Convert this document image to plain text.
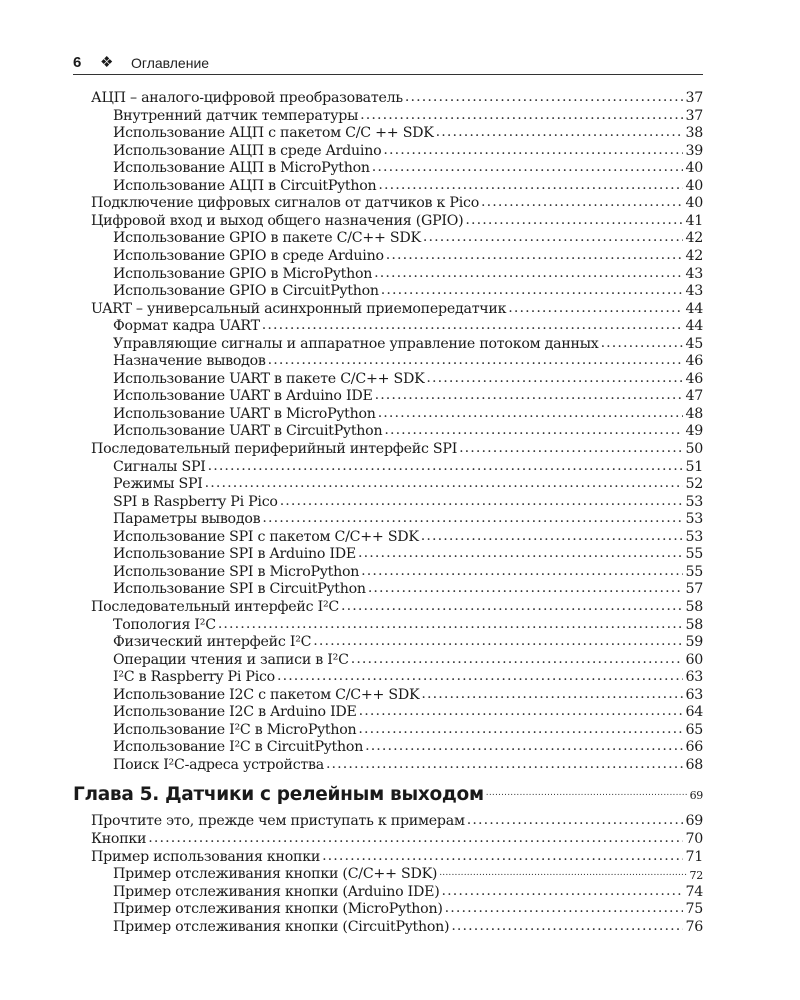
6 ❖ Оглавление
АЦП – аналого-цифровой преобразователь .....	37
Внутренний датчик температуры .....	37
Использование АЦП с пакетом C/C ++ SDK .....	38
Использование АЦП в среде Arduino .....	39
Использование АЦП в MicroPython .....	40
Использование АЦП в CircuitPython .....	40
Подключение цифровых сигналов от датчиков к Pico .....	40
Цифровой вход и выход общего назначения (GPIO) .....	41
Использование GPIO в пакете C/C++ SDK .....	42
Использование GPIO в среде Arduino .....	42
Использование GPIO в MicroPython .....	43
Использование GPIO в CircuitPython .....	43
UART – универсальный асинхронный приемопередатчик .....	44
Формат кадра UART .....	44
Управляющие сигналы и аппаратное управление потоком данных .....	45
Назначение выводов .....	46
Использование UART в пакете C/C++ SDK .....	46
Использование UART в Arduino IDE .....	47
Использование UART в MicroPython .....	48
Использование UART в CircuitPython .....	49
Последовательный периферийный интерфейс SPI .....	50
Сигналы SPI .....	51
Режимы SPI .....	52
SPI в Raspberry Pi Pico .....	53
Параметры выводов .....	53
Использование SPI с пакетом C/C++ SDK .....	53
Использование SPI в Arduino IDE .....	55
Использование SPI в MicroPython .....	55
Использование SPI в CircuitPython .....	57
Последовательный интерфейс I²C .....	58
Топология I²C .....	58
Физический интерфейс I²C .....	59
Операции чтения и записи в I²C .....	60
I²C в Raspberry Pi Pico .....	63
Использование I2C с пакетом C/C++ SDK .....	63
Использование I2C в Arduino IDE .....	64
Использование I²C в MicroPython .....	65
Использование I²C в CircuitPython .....	66
Поиск I²C-адреса устройства .....	68
Глава 5. Датчики с релейным выходом .....	69
Прочтите это, прежде чем приступать к примерам .....	69
Кнопки .....	70
Пример использования кнопки .....	71
Пример отслеживания кнопки (C/C++ SDK) .....	72
Пример отслеживания кнопки (Arduino IDE) .....	74
Пример отслеживания кнопки (MicroPython) .....	75
Пример отслеживания кнопки (CircuitPython) .....	76
